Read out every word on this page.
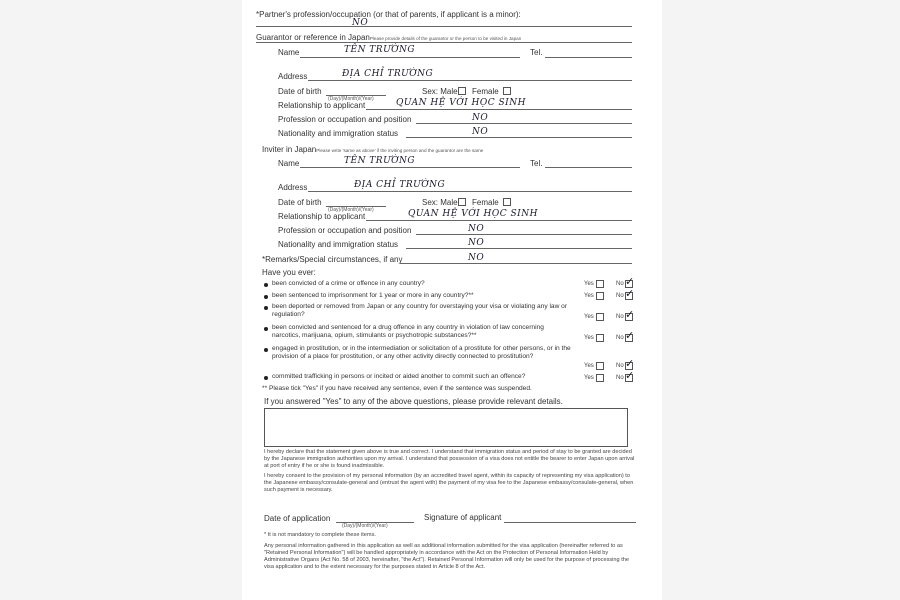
*Partner's profession/occupation (or that of parents, if applicant is a minor):
NO
Guarantor or reference in JapanPlease provide details of the guarantor or the person to be visited in Japan
Name	TÊN TRƯỜNG	Tel.
Address	ĐỊA CHỈ TRƯỜNG
Date of birth
(Day)/(Month)/(Year)
Sex: Male Female
Relationship to applicant	QUAN HỆ VỚI HỌC SINH
Profession or occupation and position	NO
Nationality and immigration status	NO
Inviter in JapanPlease write 'same as above' if the inviting person and the guarantor are the same
Name	TÊN TRƯỜNG	Tel.
Address	ĐỊA CHỈ TRƯỜNG
Date of birth
(Day)/(Month)/(Year)
Sex: Male Female
Relationship to applicant	QUAN HỆ VỚI HỌC SINH
Profession or occupation and position	NO
Nationality and immigration status	NO
*Remarks/Special circumstances, if any	NO
Have you ever:
been convicted of a crime or offence in any country?	Yes	No ✓
been sentenced to imprisonment for 1 year or more in any country?**	Yes	No ✓
been deported or removed from Japan or any country for overstaying your visa or violating any law or regulation?	Yes	No ✓
been convicted and sentenced for a drug offence in any country in violation of law concerning narcotics, marijuana, opium, stimulants or psychotropic substances?**	Yes	No ✓
engaged in prostitution, or in the intermediation or solicitation of a prostitute for other persons, or in the provision of a place for prostitution, or any other activity directly connected to prostitution?
Yes	No ✓
committed trafficking in persons or incited or aided another to commit such an offence?	Yes	No ✓
** Please tick "Yes" if you have received any sentence, even if the sentence was suspended.
If you answered "Yes" to any of the above questions, please provide relevant details.
I hereby declare that the statement given above is true and correct. I understand that immigration status and period of stay to be granted are decided by the Japanese immigration authorities upon my arrival. I understand that possession of a visa does not entitle the bearer to enter Japan upon arrival at port of entry if he or she is found inadmissible.
I hereby consent to the provision of my personal information (by an accredited travel agent, within its capacity of representing my visa application) to the Japanese embassy/consulate-general and (entrust the agent with) the payment of my visa fee to the Japanese embassy/consulate-general, when such payment is necessary.
Date of application
(Day)/(Month)/(Year)
Signature of applicant
* It is not mandatory to complete these items.
Any personal information gathered in this application as well as additional information submitted for the visa application (hereinafter referred to as "Retained Personal Information") will be handled appropriately in accordance with the Act on the Protection of Personal Information Held by Administrative Organs (Act No. 58 of 2003, hereinafter, "the Act"). Retained Personal Information will only be used for the purpose of processing the visa application and to the extent necessary for the purposes stated in Article 8 of the Act.
